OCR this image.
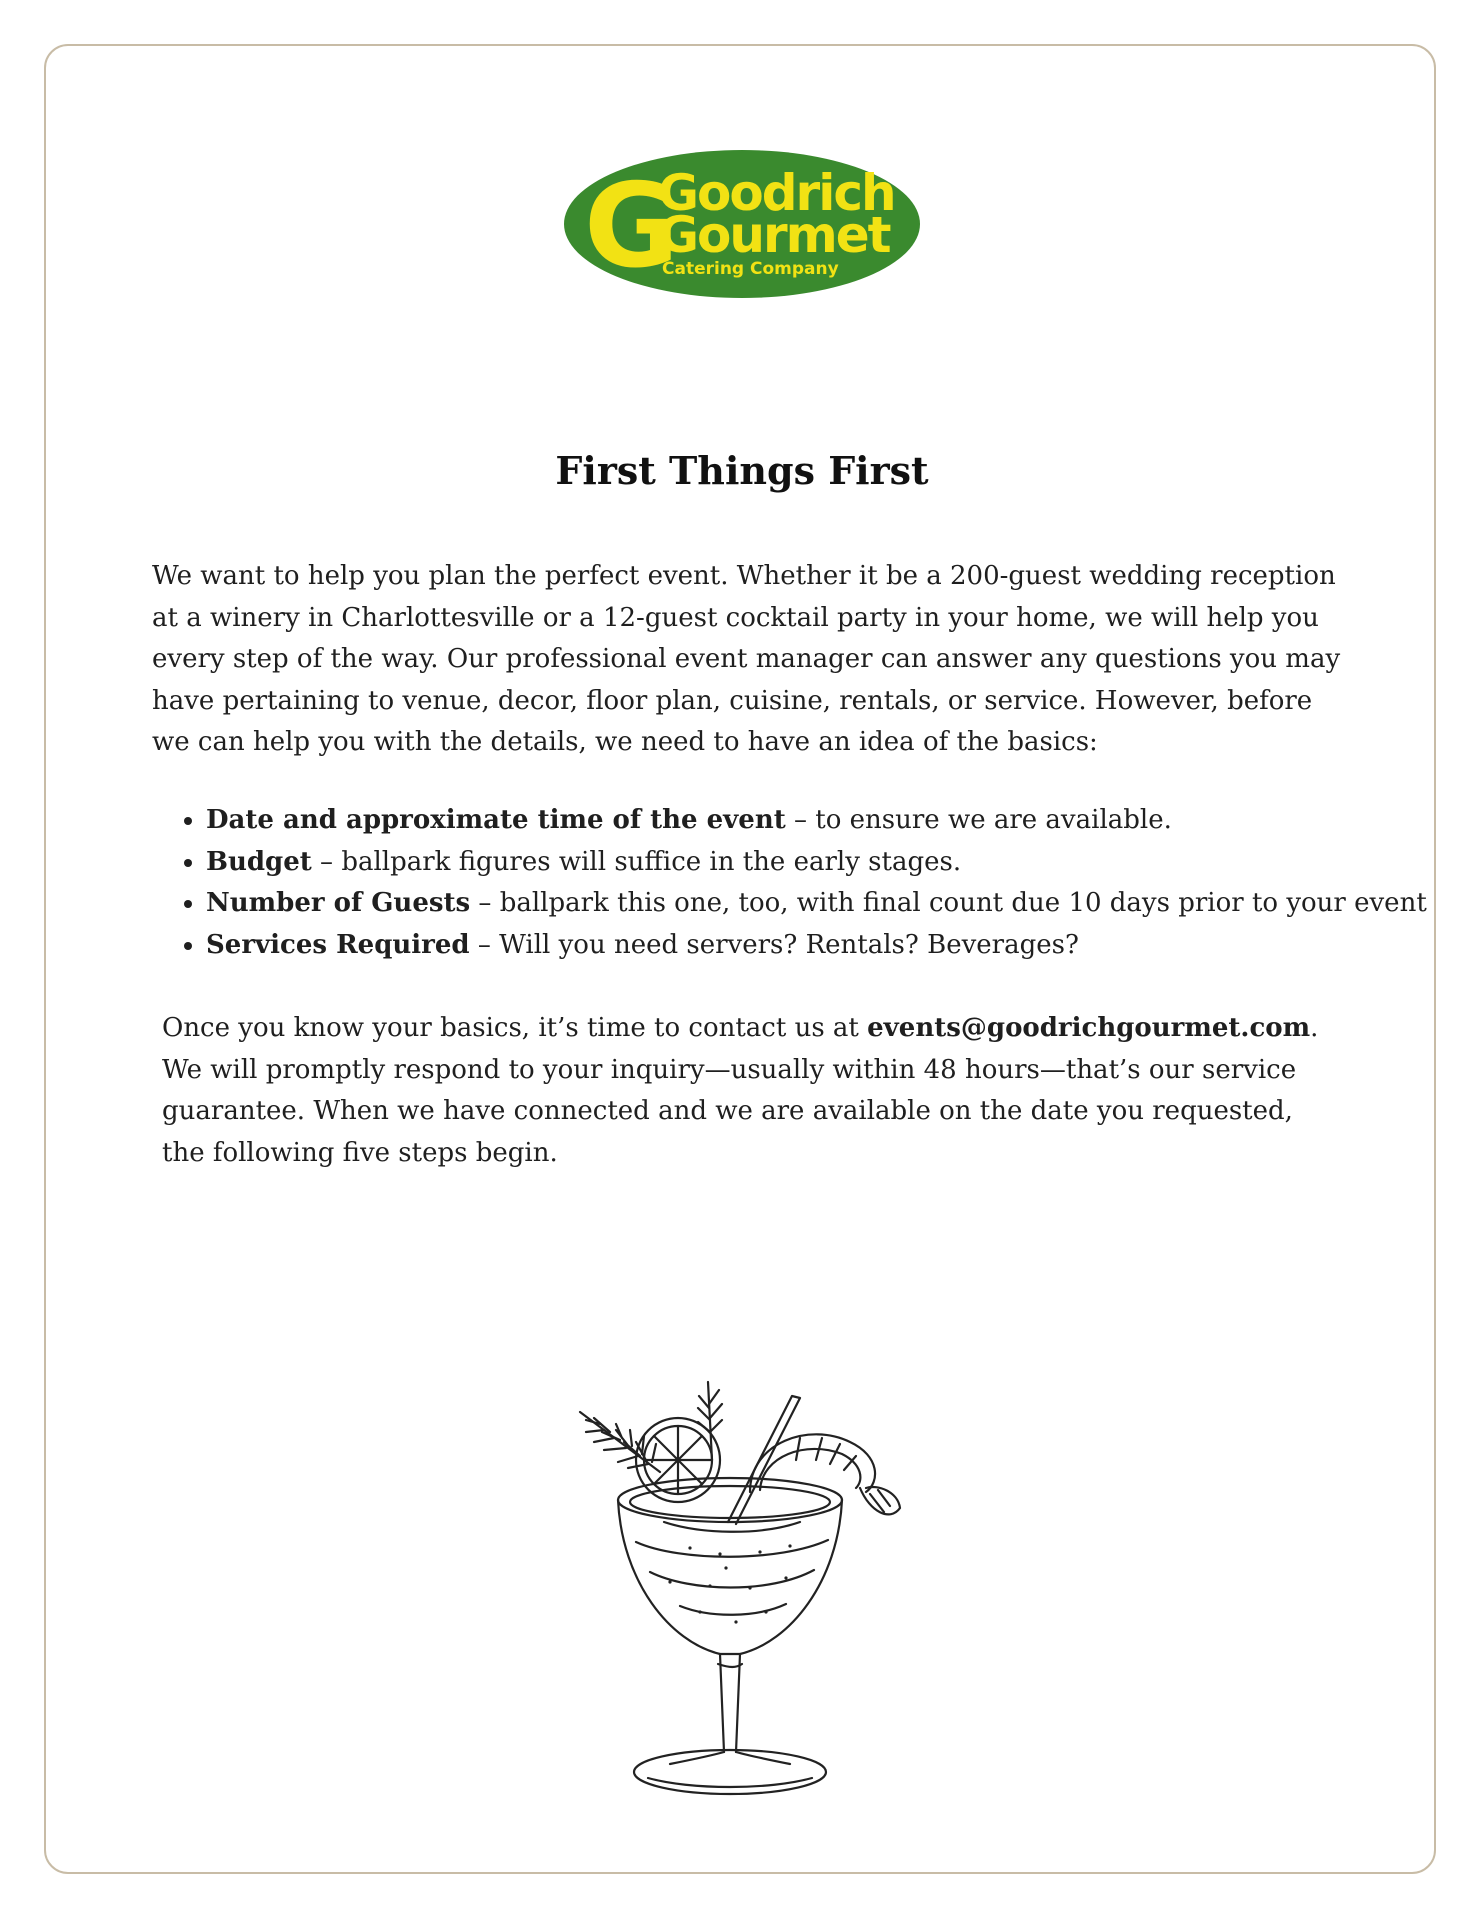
G
Goodrich
Gourmet
Catering Company
First Things First

We want to help you plan the perfect event. Whether it be a 200-guest wedding reception at a winery in Charlottesville or a 12-guest cocktail party in your home, we will help you every step of the way. Our professional event manager can answer any questions you may have pertaining to venue, decor, floor plan, cuisine, rentals, or service. However, before we can help you with the details, we need to have an idea of the basics:

Date and approximate time of the event – to ensure we are available.
Budget – ballpark figures will suffice in the early stages.
Number of Guests – ballpark this one, too, with final count due 10 days prior to your event
Services Required – Will you need servers? Rentals? Beverages?

Once you know your basics, it’s time to contact us at events@goodrichgourmet.com. We will promptly respond to your inquiry—usually within 48 hours—that’s our service guarantee. When we have connected and we are available on the date you requested, the following five steps begin.
